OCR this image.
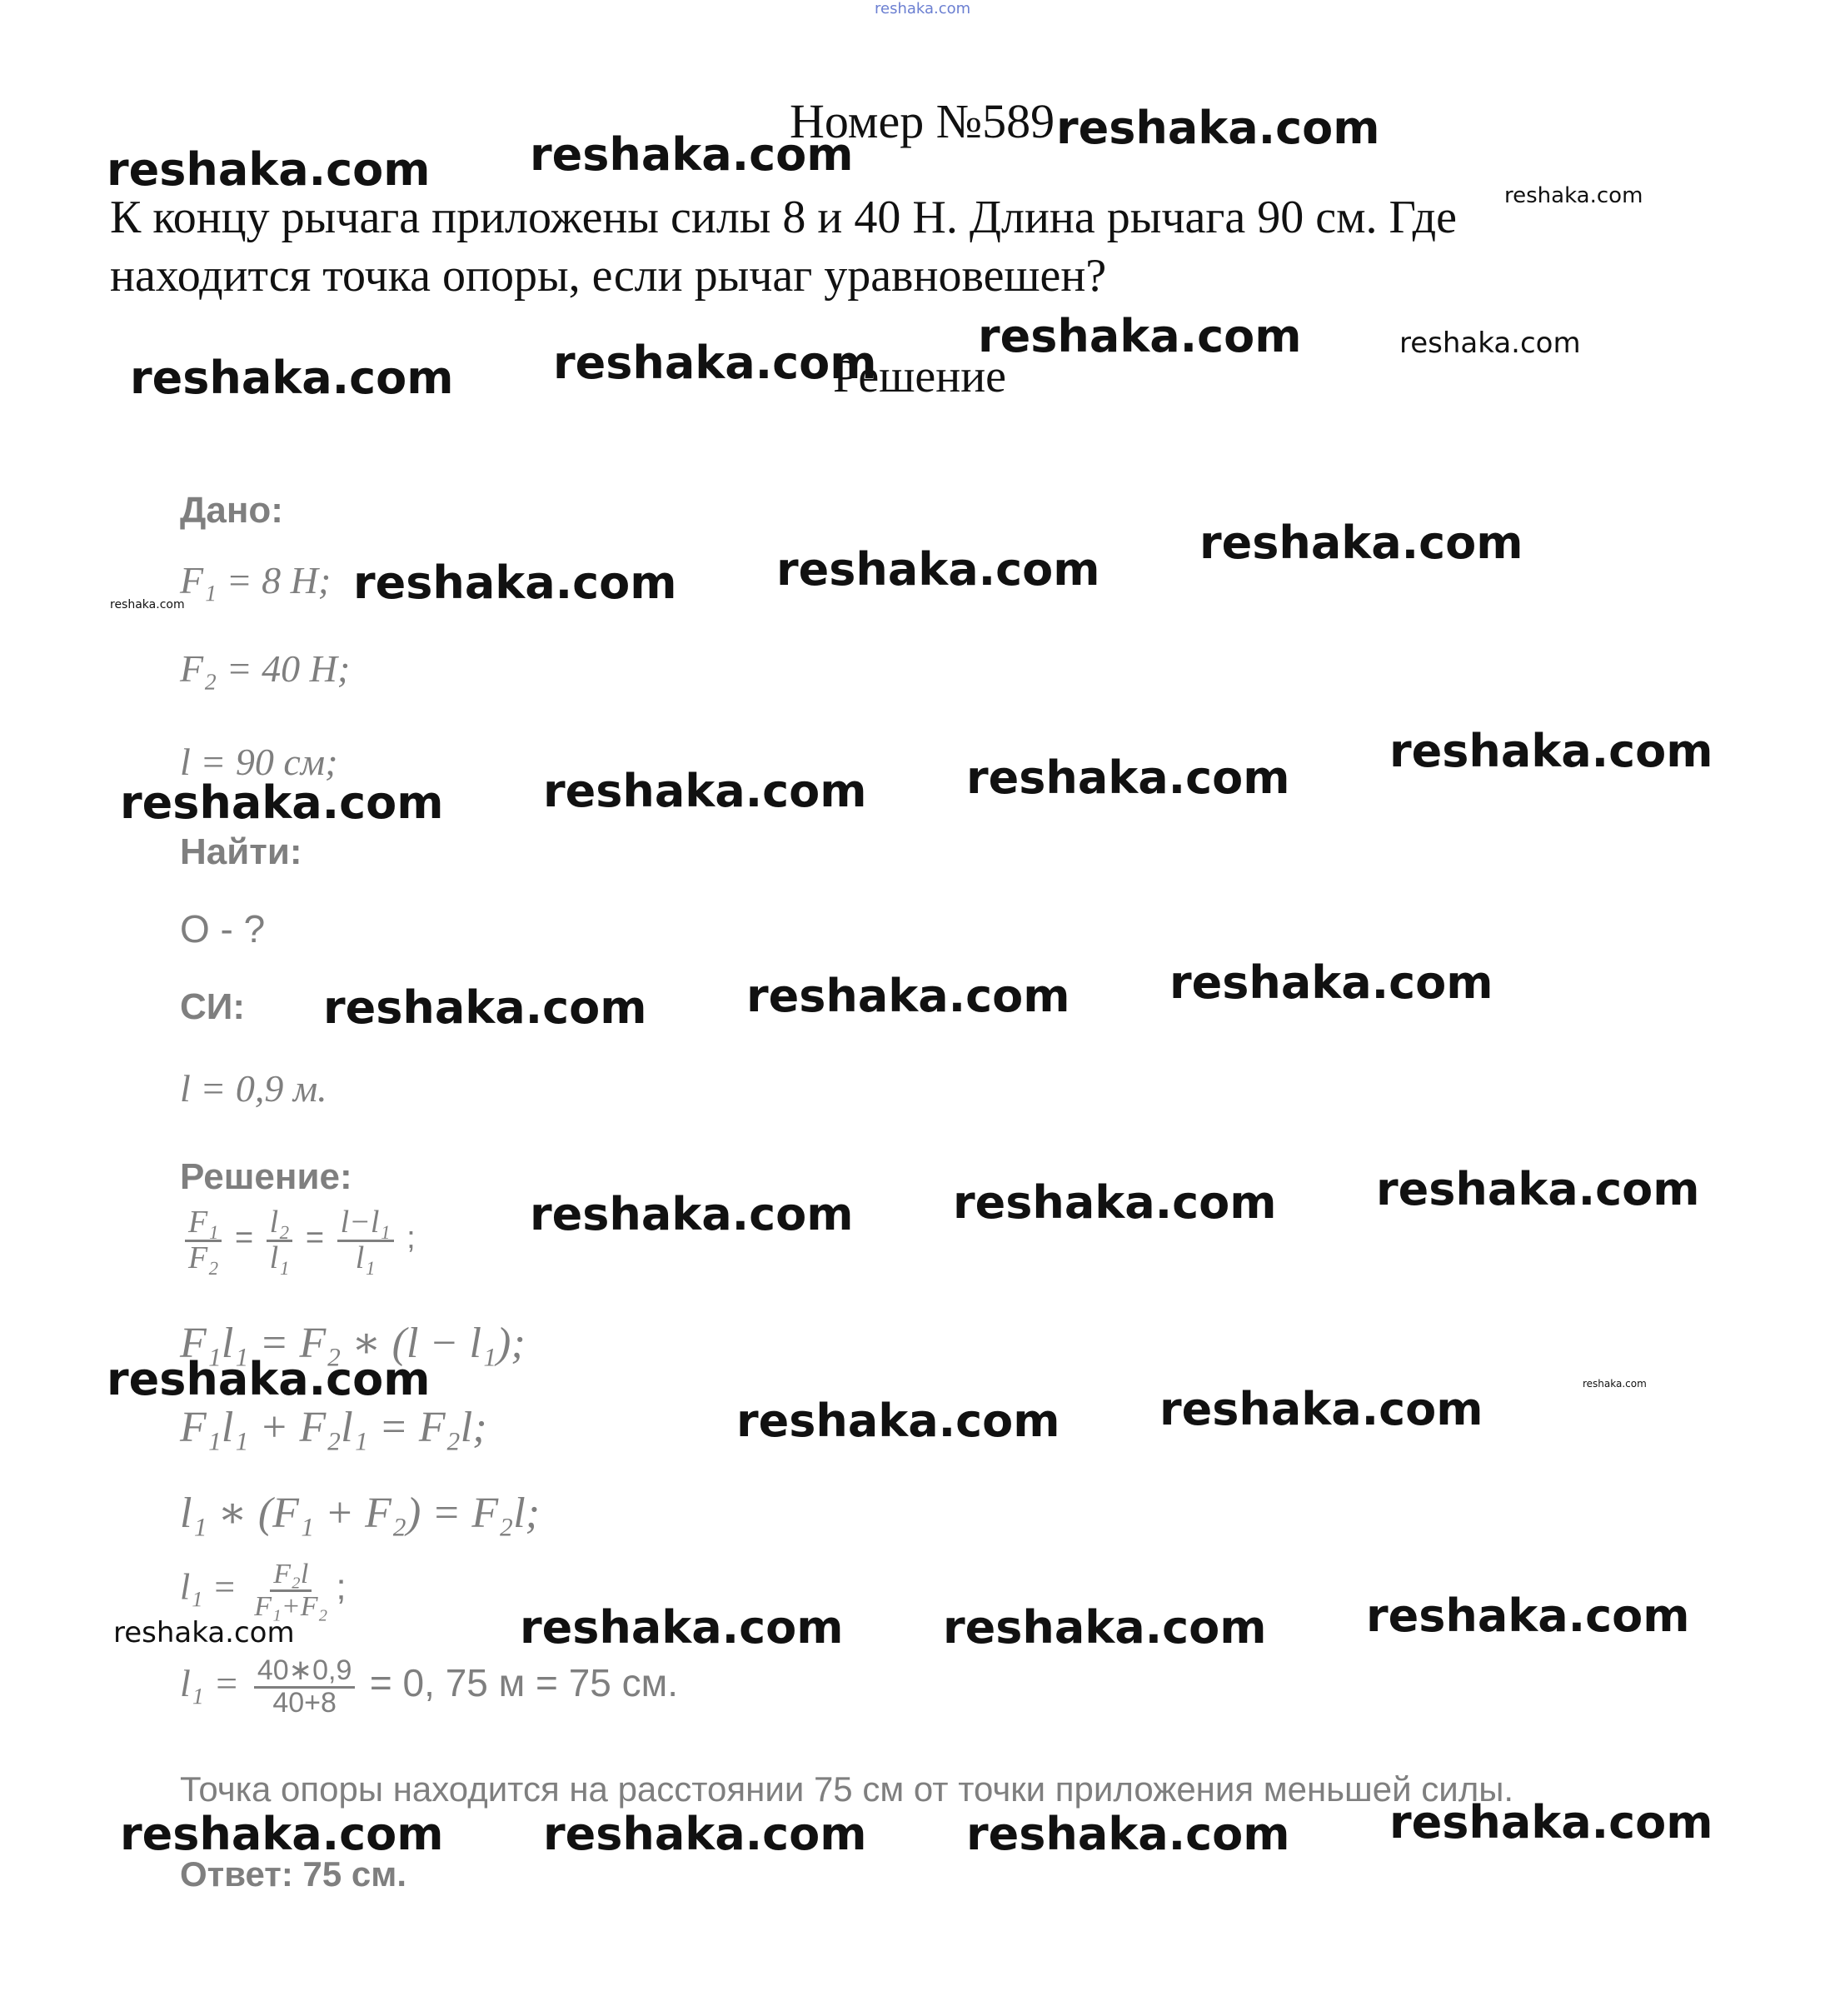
reshaka.com
Номер №589
К концу рычага приложены силы 8 и 40 Н. Длина рычага 90 см. Где находится точка опоры, если рычаг уравновешен?
Решение
Дано:
F₁ = 8 Н;
F₂ = 40 Н;
l = 90 см;
Найти:
O - ?
СИ:
l = 0,9 м.
Решение:
$\frac{\text{F₁}}{\text{F₂}} = \frac{\text{l₂}}{\text{l₁}} = \frac{\text{l−l₁}}{\text{l₁}}$ ;
F₁l₁ = F₂ ∗ (l − l₁);
F₁l₁ + F₂l₁ = F₂l;
l₁ ∗ (F₁ + F₂) = F₂l;
$l_1 = \frac{\text{F₂l}}{\text{F₁+F₂}}$ ;
$l_1 = \frac{40∗0,9}{40+8} = 0$, 75 м = 75 см.
Точка опоры находится на расстоянии 75 см от точки приложения меньшей силы.
Ответ: 75 см.
reshaka.com
reshaka.com
reshaka.com	reshaka.com
reshaka.com	reshaka.com
reshaka.com
reshaka.com
reshaka.com
reshaka.com
reshaka.com
reshaka.com
reshaka.com
reshaka.com
reshaka.com
reshaka.com
reshaka.com
reshaka.com
reshaka.com
reshaka.com
reshaka.com
reshaka.com
reshaka.com	reshaka.com
reshaka.com
reshaka.com
reshaka.com
reshaka.com
reshaka.com
reshaka.com
reshaka.com
reshaka.com
reshaka.com
reshaka.com
